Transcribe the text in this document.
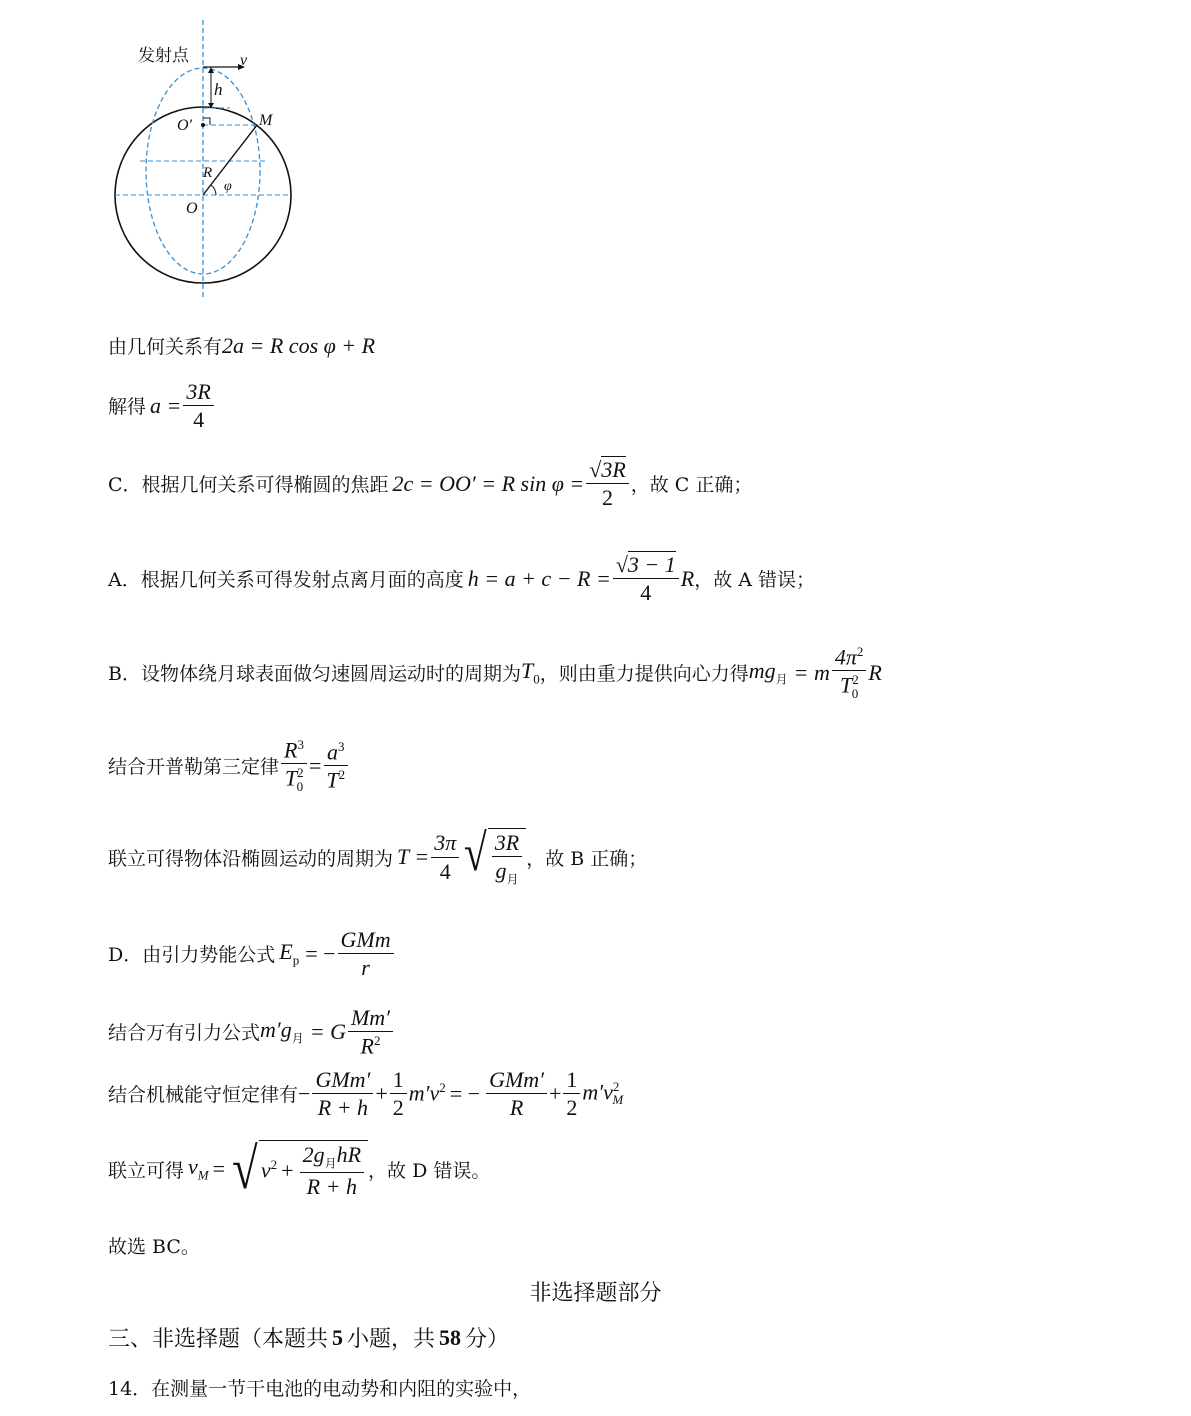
发射点	v
h
O′	M
R
φ
O
由几何关系有 2a = R cos φ + R
解得 $a = \frac{3R}{4}$
C．根据几何关系可得椭圆的焦距 2c = OO′ = R $\sin \varphi = \frac{√3R}{2}$ ，故 C 正确；
A．根据几何关系可得发射点离月面的高度 $h = a + c - R = \frac{√3 - 1}{4}$ R ，故 A 错误；
B．设物体绕月球表面做匀速圆周运动时的周期为 $T_0$ ，则由重力提供向心力得 $mg_月 = m \frac{4\pi^2}{T^2_0}$ R
结合开普勒第三定律 $\frac{R^3}{T^2_0} = \frac{a^3}{T^2}$
联立可得物体沿椭圆运动的周期为 $T = \frac{3\pi}{4}$ √ $\frac{3R}{g_月}$ ，故 B 正确；
D．由引力势能公式 $E_p$ = − $\frac{\text{GMm}}{r}$
结合万有引力公式 $m'g_月 = G \frac{Mm'}{R^2}$
结合机械能守恒定律有 − $\frac{\text{GMm′}}{R + h} + \frac{1}{2} m'v^2$ = − $\frac{\text{GMm′}}{R} + \frac{1}{2} m'v^2_M$
联立可得 $v_M$ = √ $v^2 + \frac{2g_月hR}{R + h}$ ，故 D 错误。
故选 BC。
非选择题部分
三、非选择题（本题共 5 小题，共 58 分）
14．在测量一节干电池的电动势和内阻的实验中，
